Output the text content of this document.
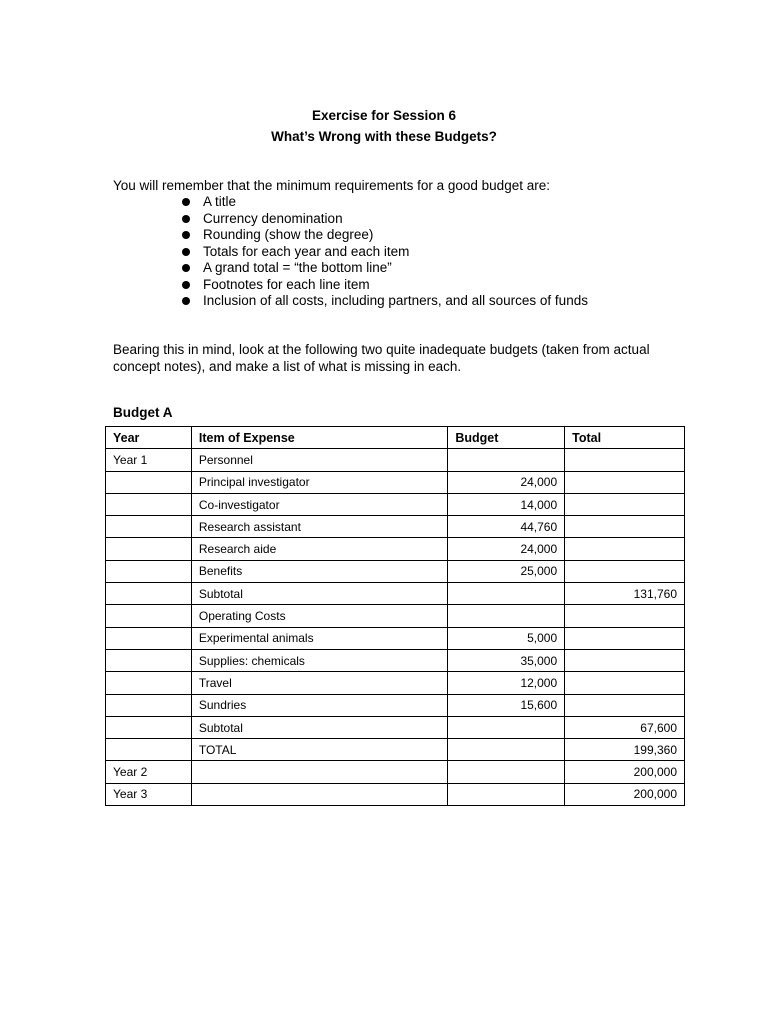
Exercise for Session 6
What’s Wrong with these Budgets?

You will remember that the minimum requirements for a good budget are:

A title
Currency denomination
Rounding (show the degree)
Totals for each year and each item
A grand total = “the bottom line”
Footnotes for each line item
Inclusion of all costs, including partners, and all sources of funds

Bearing this in mind, look at the following two quite inadequate budgets (taken from actual concept notes), and make a list of what is missing in each.

Budget A
Year	Item of Expense	Budget	Total
Year 1	Personnel		
	Principal investigator	24,000	
	Co-investigator	14,000	
	Research assistant	44,760	
	Research aide	24,000	
	Benefits	25,000	
	Subtotal		131,760
	Operating Costs		
	Experimental animals	5,000	
	Supplies: chemicals	35,000	
	Travel	12,000	
	Sundries	15,600	
	Subtotal		67,600
	TOTAL		199,360
Year 2			200,000
Year 3			200,000
